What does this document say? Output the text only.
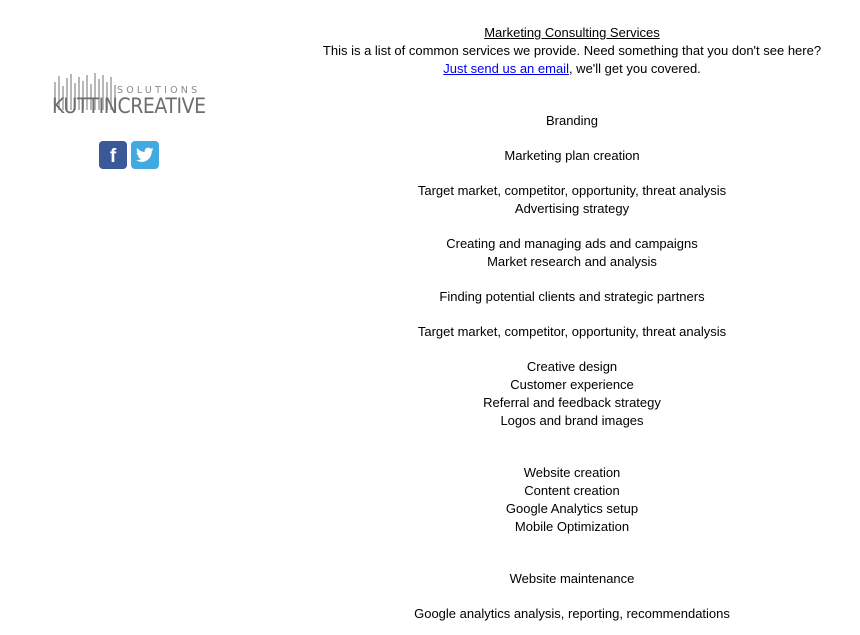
SOLUTIONS
KUTTINCREATIVE
f
Marketing Consulting Services
This is a list of common services we provide. Need something that you don't see here?
Just send us an email, we'll get you covered.
Branding
Marketing plan creation
Target market, competitor, opportunity, threat analysis
Advertising strategy
Creating and managing ads and campaigns
Market research and analysis
Finding potential clients and strategic partners
Target market, competitor, opportunity, threat analysis
Creative design
Customer experience
Referral and feedback strategy
Logos and brand images
Website creation
Content creation
Google Analytics setup
Mobile Optimization
Website maintenance
Google analytics analysis, reporting, recommendations
